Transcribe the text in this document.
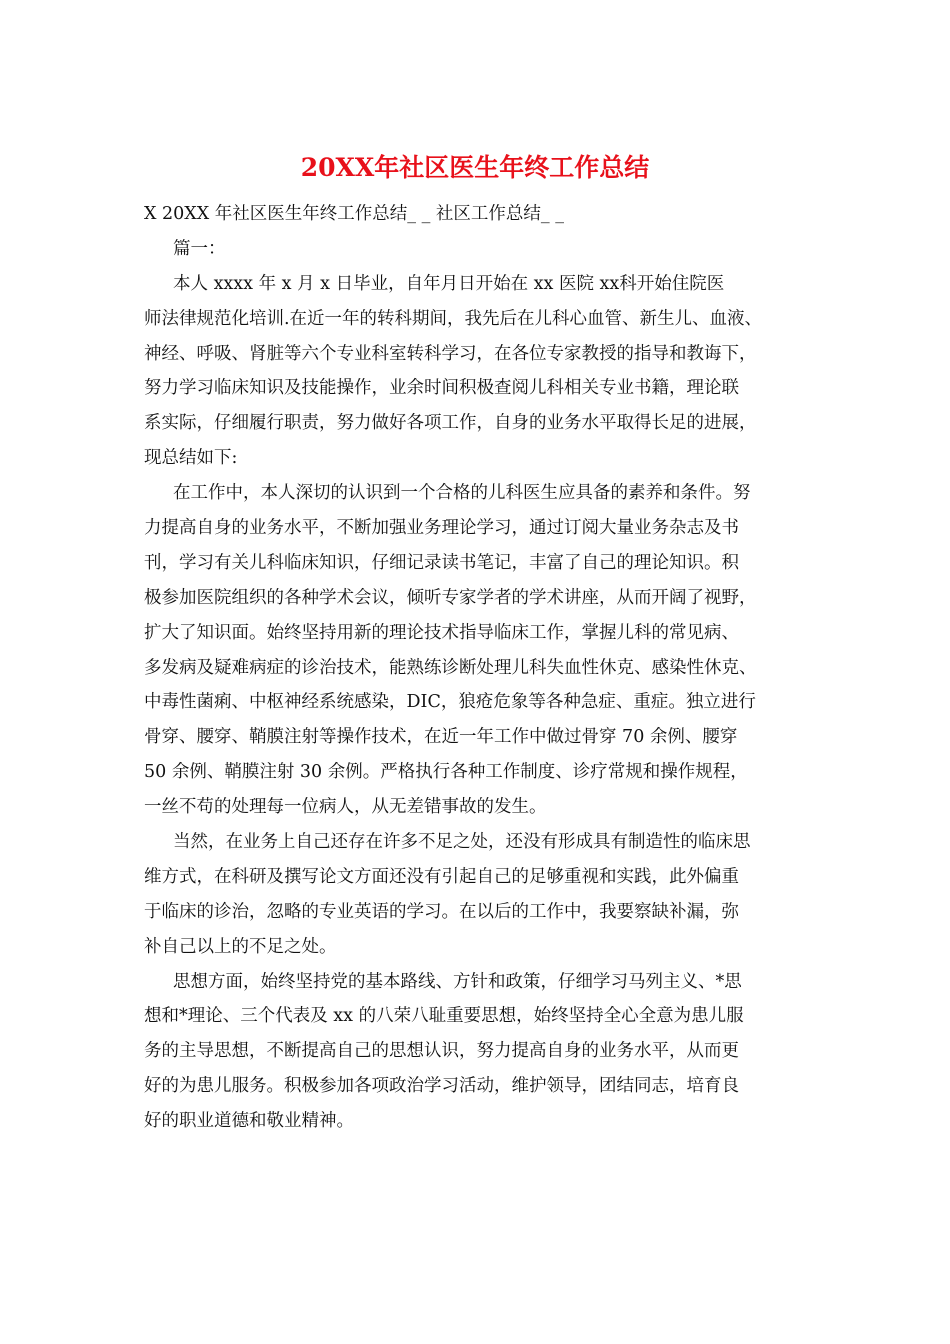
20XX年社区医生年终工作总结
X 20XX 年社区医生年终工作总结_ _ 社区工作总结_ _
篇一：
本人 xxxx 年 x 月 x 日毕业，自年月日开始在 xx 医院 xx科开始住院医
师法律规范化培训.在近一年的转科期间，我先后在儿科心血管、新生儿、血液、
神经、呼吸、肾脏等六个专业科室转科学习，在各位专家教授的指导和教诲下，
努力学习临床知识及技能操作，业余时间积极查阅儿科相关专业书籍，理论联
系实际，仔细履行职责，努力做好各项工作，自身的业务水平取得长足的进展，
现总结如下:
在工作中，本人深切的认识到一个合格的儿科医生应具备的素养和条件。努
力提高自身的业务水平，不断加强业务理论学习，通过订阅大量业务杂志及书
刊，学习有关儿科临床知识，仔细记录读书笔记，丰富了自己的理论知识。积
极参加医院组织的各种学术会议，倾听专家学者的学术讲座，从而开阔了视野，
扩大了知识面。始终坚持用新的理论技术指导临床工作，掌握儿科的常见病、
多发病及疑难病症的诊治技术，能熟练诊断处理儿科失血性休克、感染性休克、
中毒性菌痢、中枢神经系统感染，DIC，狼疮危象等各种急症、重症。独立进行
骨穿、腰穿、鞘膜注射等操作技术，在近一年工作中做过骨穿 70 余例、腰穿
50 余例、鞘膜注射 30 余例。严格执行各种工作制度、诊疗常规和操作规程，
一丝不苟的处理每一位病人，从无差错事故的发生。
当然，在业务上自己还存在许多不足之处，还没有形成具有制造性的临床思
维方式，在科研及撰写论文方面还没有引起自己的足够重视和实践，此外偏重
于临床的诊治，忽略的专业英语的学习。在以后的工作中，我要察缺补漏，弥
补自己以上的不足之处。
思想方面，始终坚持党的基本路线、方针和政策，仔细学习马列主义、*思
想和*理论、三个代表及 xx 的八荣八耻重要思想，始终坚持全心全意为患儿服
务的主导思想，不断提高自己的思想认识，努力提高自身的业务水平，从而更
好的为患儿服务。积极参加各项政治学习活动，维护领导，团结同志，培育良
好的职业道德和敬业精神。
